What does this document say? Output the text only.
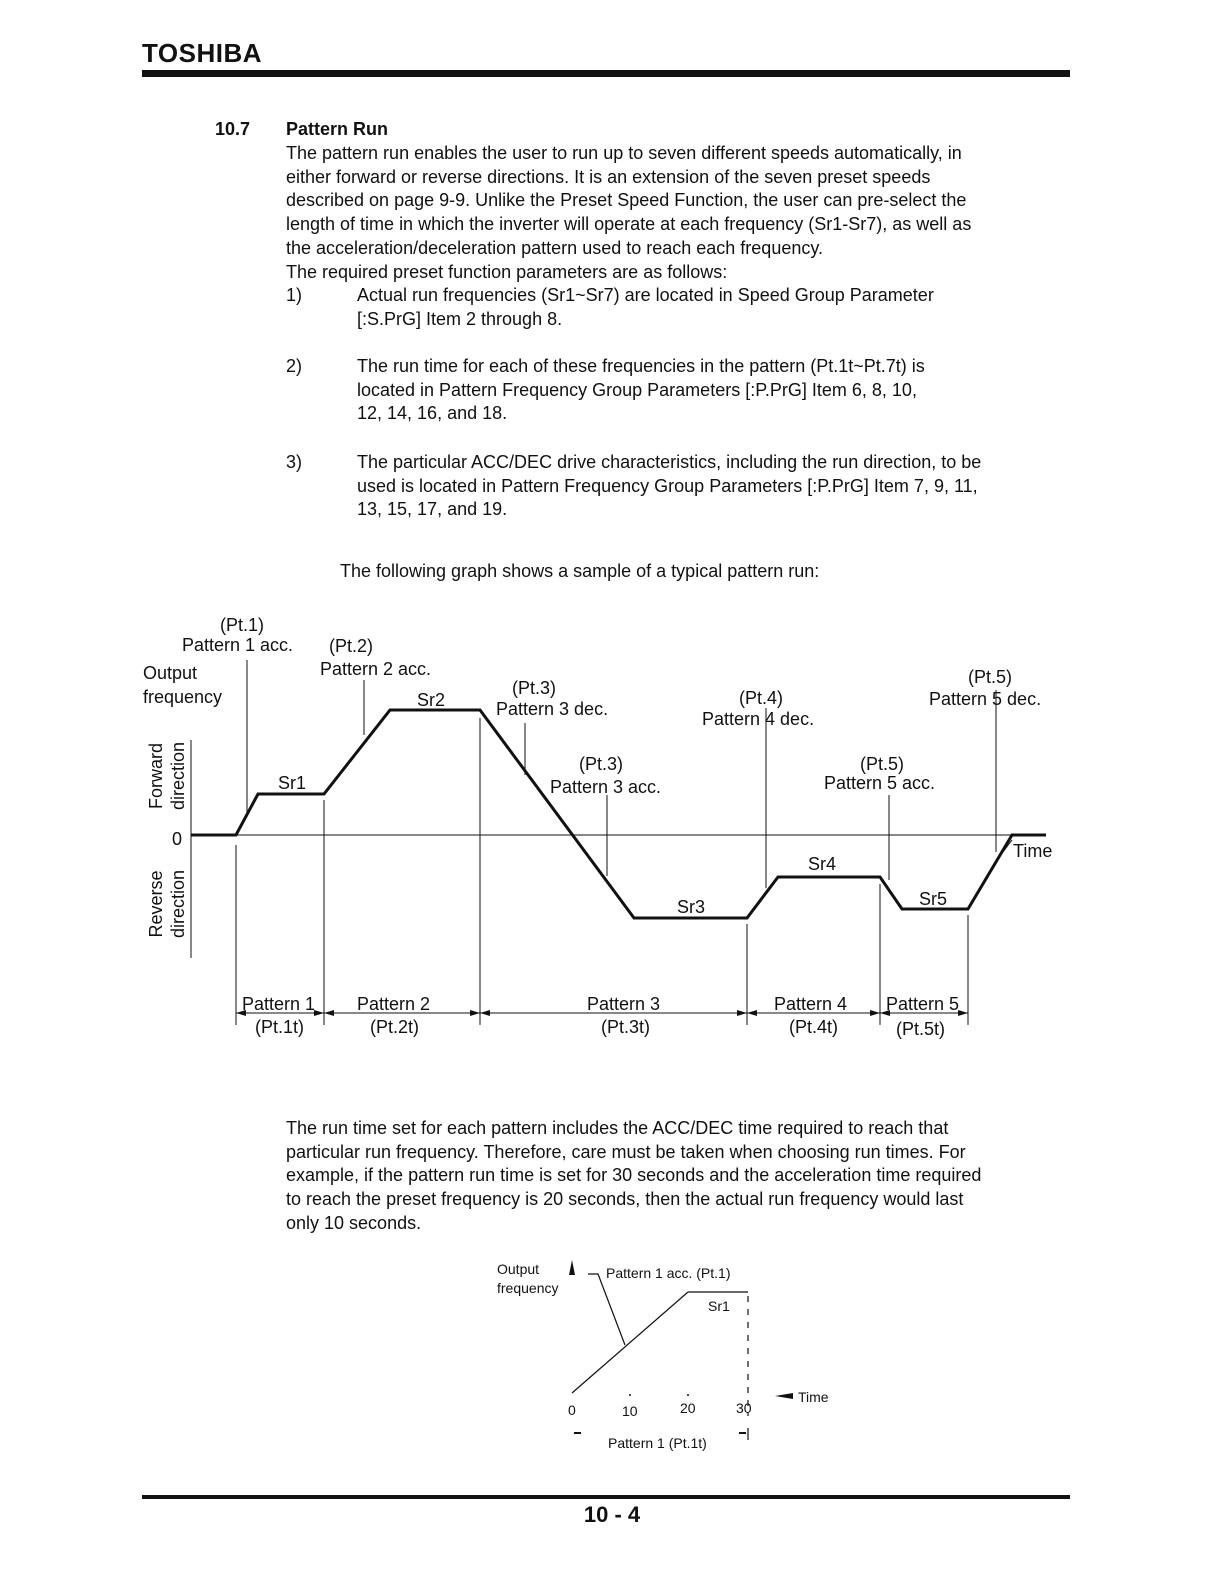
TOSHIBA
10.7 Pattern Run
The pattern run enables the user to run up to seven different speeds automatically, in
either forward or reverse directions. It is an extension of the seven preset speeds
described on page 9-9. Unlike the Preset Speed Function, the user can pre-select the
length of time in which the inverter will operate at each frequency (Sr1-Sr7), as well as
the acceleration/deceleration pattern used to reach each frequency.
The required preset function parameters are as follows:
1)	Actual run frequencies (Sr1~Sr7) are located in Speed Group Parameter
[:S.PrG] Item 2 through 8.
2)	The run time for each of these frequencies in the pattern (Pt.1t~Pt.7t) is
located in Pattern Frequency Group Parameters [:P.PrG] Item 6, 8, 10,
12, 14, 16, and 18.
3)	The particular ACC/DEC drive characteristics, including the run direction, to be
used is located in Pattern Frequency Group Parameters [:P.PrG] Item 7, 9, 11,
13, 15, 17, and 19.
The following graph shows a sample of a typical pattern run:
Output
frequency
Forward direction
Reverse direction
0
Time
(Pt.1)
Pattern 1 acc. (Pt.2)
Pattern 2 acc.
(Pt.3)
Pattern 3 dec.
(Pt.3)
Pattern 3 acc.
(Pt.4)
Pattern 4 dec.
(Pt.5)
Pattern 5 acc.
(Pt.5)
Pattern 5 dec.
Sr1
Sr2
Sr3
Sr4
Sr5
Pattern 1
(Pt.1t)
Pattern 2
(Pt.2t)
Pattern 3
(Pt.3t)
Pattern 4
(Pt.4t)
Pattern 5
(Pt.5t)
The run time set for each pattern includes the ACC/DEC time required to reach that
particular run frequency. Therefore, care must be taken when choosing run times. For
example, if the pattern run time is set for 30 seconds and the acceleration time required
to reach the preset frequency is 20 seconds, then the actual run frequency would last
only 10 seconds.
Output
frequency
Pattern 1 acc. (Pt.1)
Sr1
Time
0	10	20	30
Pattern 1 (Pt.1t)
10 - 4
